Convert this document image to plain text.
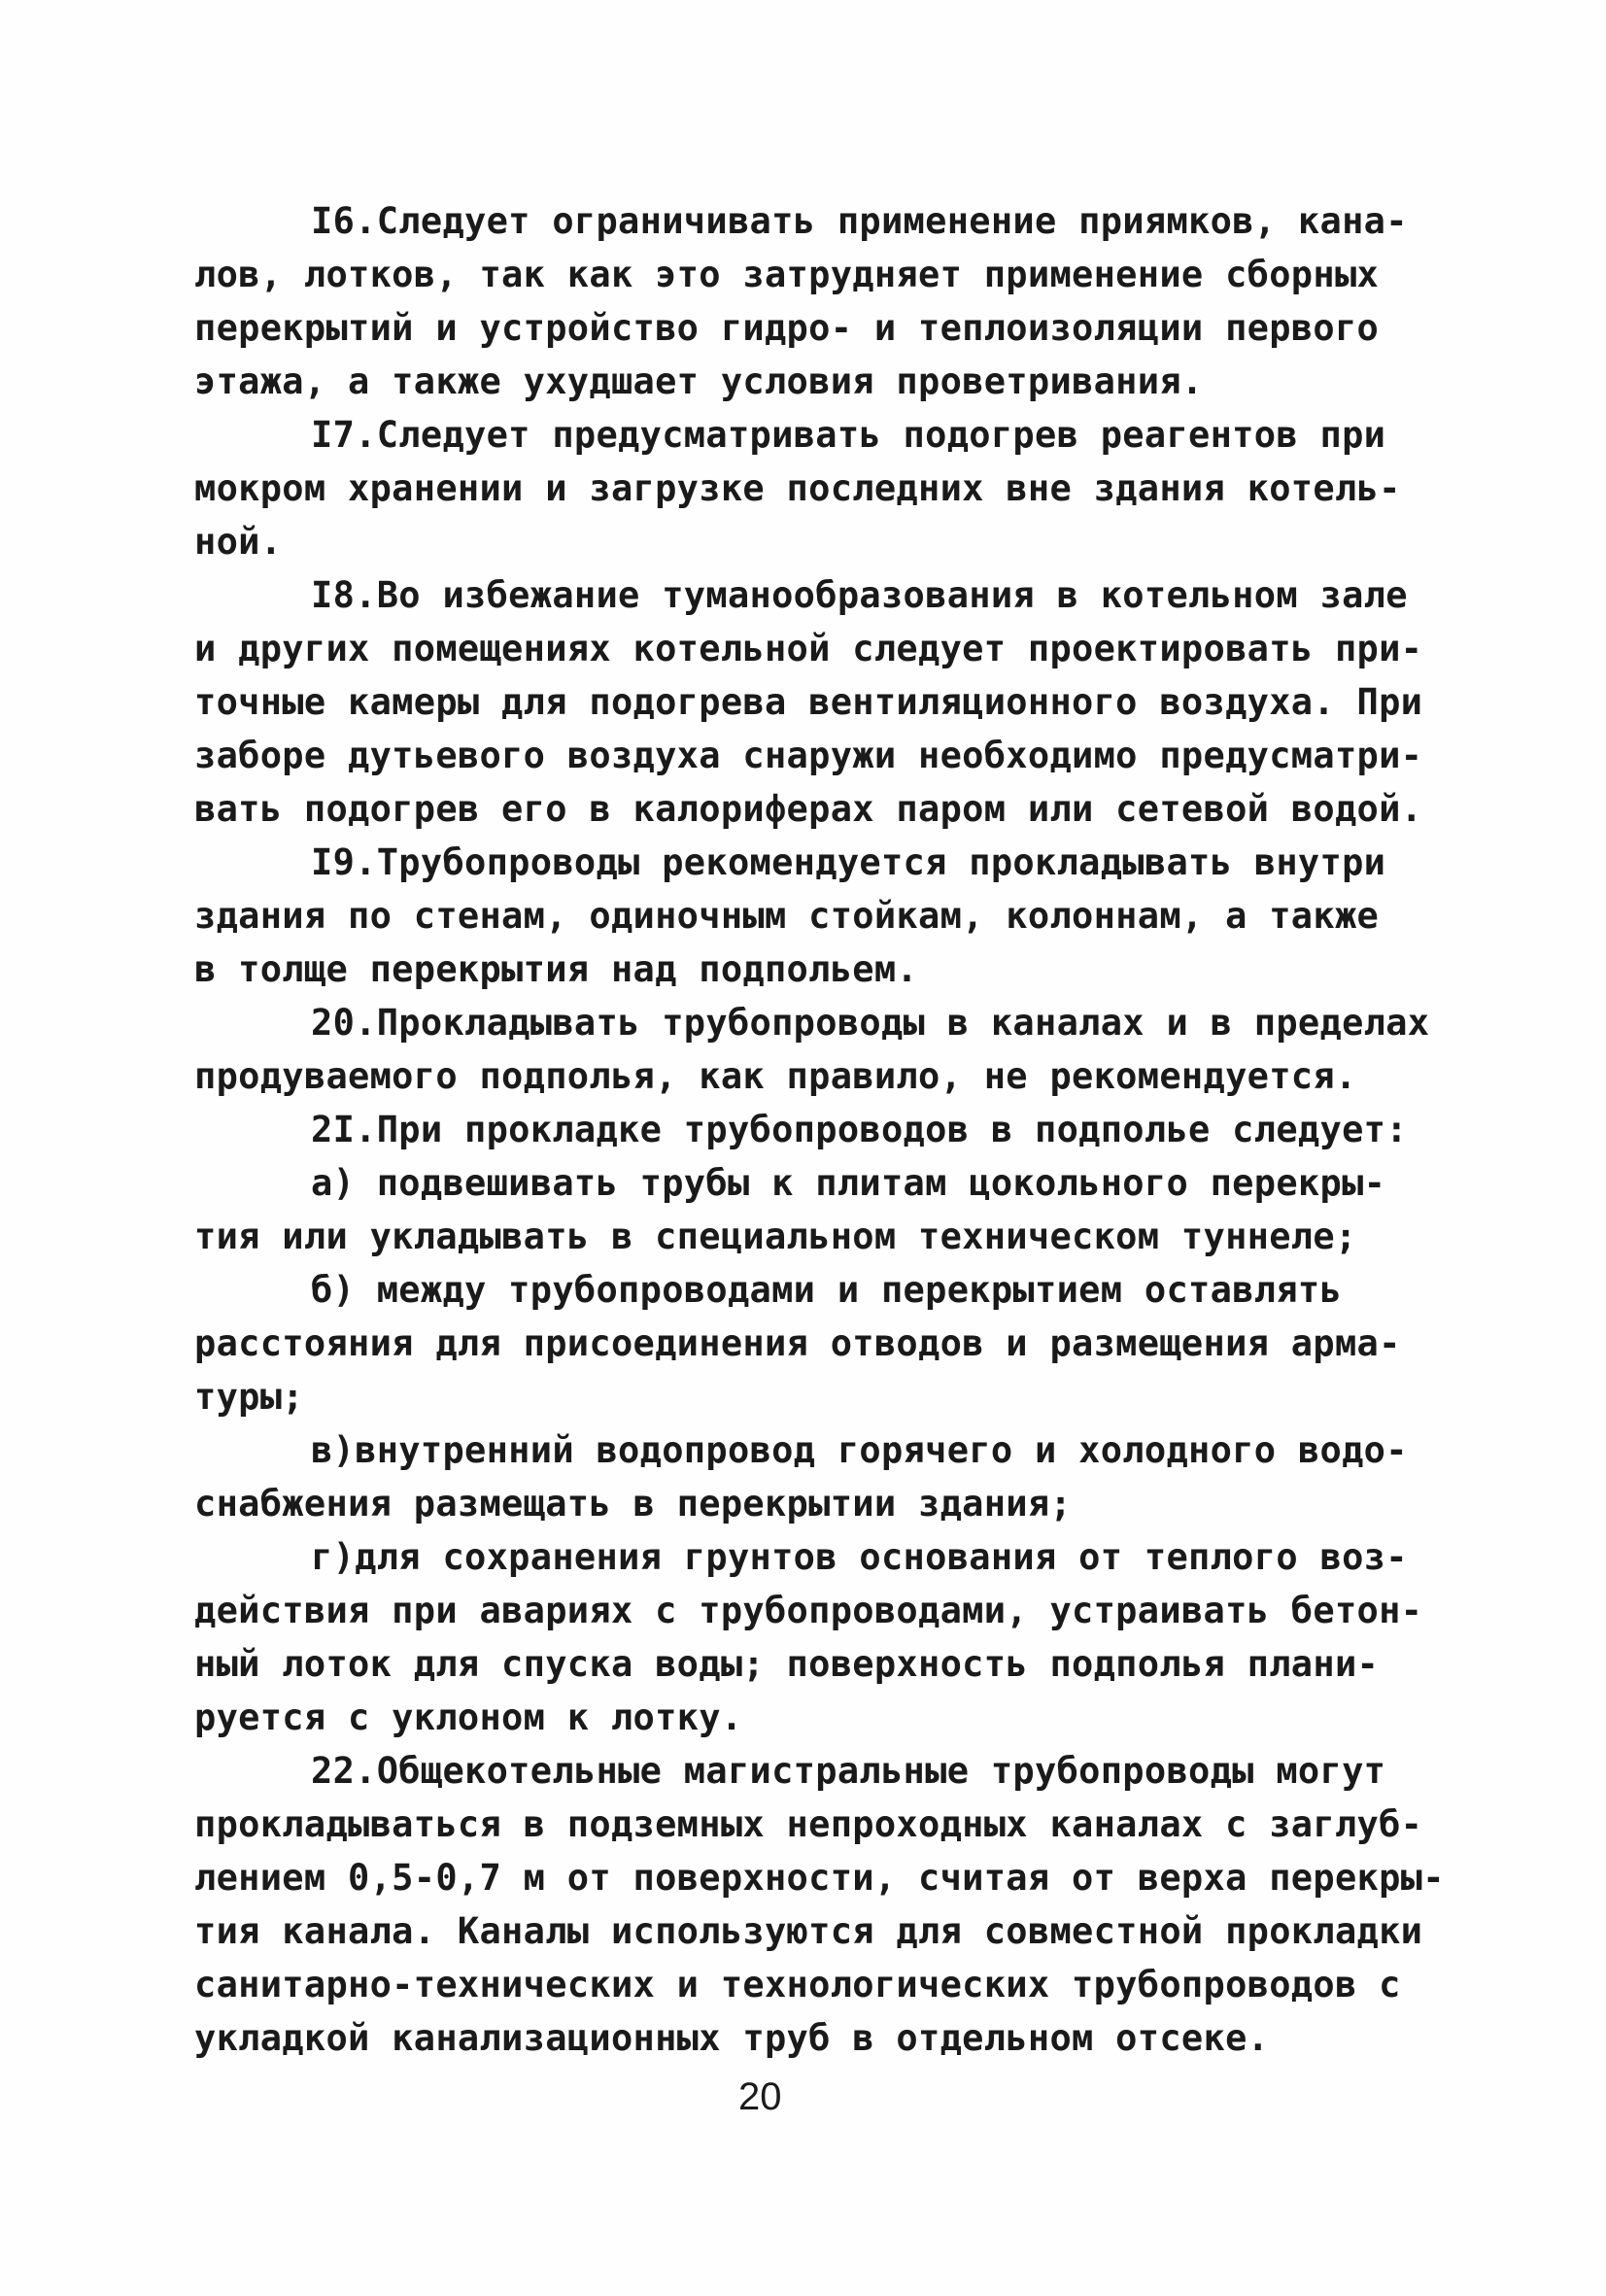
I6.Следует ограничивать применение приямков, кана-
лов, лотков, так как это затрудняет применение сборных
перекрытий и устройство гидро- и теплоизоляции первого
этажа, а также ухудшает условия проветривания.
I7.Следует предусматривать подогрев реагентов при
мокром хранении и загрузке последних вне здания котель-
ной.
I8.Во избежание туманообразования в котельном зале
и других помещениях котельной следует проектировать при-
точные камеры для подогрева вентиляционного воздуха. При
заборе дутьевого воздуха снаружи необходимо предусматри-
вать подогрев его в калориферах паром или сетевой водой.
I9.Трубопроводы рекомендуется прокладывать внутри
здания по стенам, одиночным стойкам, колоннам, а также
в толще перекрытия над подпольем.
20.Прокладывать трубопроводы в каналах и в пределах
продуваемого подполья, как правило, не рекомендуется.
2I.При прокладке трубопроводов в подполье следует:
а) подвешивать трубы к плитам цокольного перекры-
тия или укладывать в специальном техническом туннеле;
б) между трубопроводами и перекрытием оставлять
расстояния для присоединения отводов и размещения арма-
туры;
в)внутренний водопровод горячего и холодного водо-
снабжения размещать в перекрытии здания;
г)для сохранения грунтов основания от теплого воз-
действия при авариях с трубопроводами, устраивать бетон-
ный лоток для спуска воды; поверхность подполья плани-
руется с уклоном к лотку.
22.Общекотельные магистральные трубопроводы могут
прокладываться в подземных непроходных каналах с заглуб-
лением 0,5-0,7 м от поверхности, считая от верха перекры-
тия канала. Каналы используются для совместной прокладки
санитарно-технических и технологических трубопроводов с
укладкой канализационных труб в отдельном отсеке.
20
